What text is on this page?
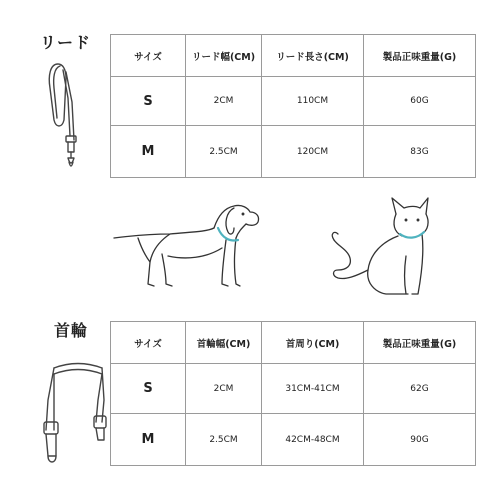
リード
サイズ	リード幅(CM)	リード長さ(CM)	製品正味重量(G)
S	2CM	110CM	60G
M	2.5CM	120CM	83G
首輪
サイズ	首輪幅(CM)	首周り(CM)	製品正味重量(G)
S	2CM	31CM-41CM	62G
M	2.5CM	42CM-48CM	90G
